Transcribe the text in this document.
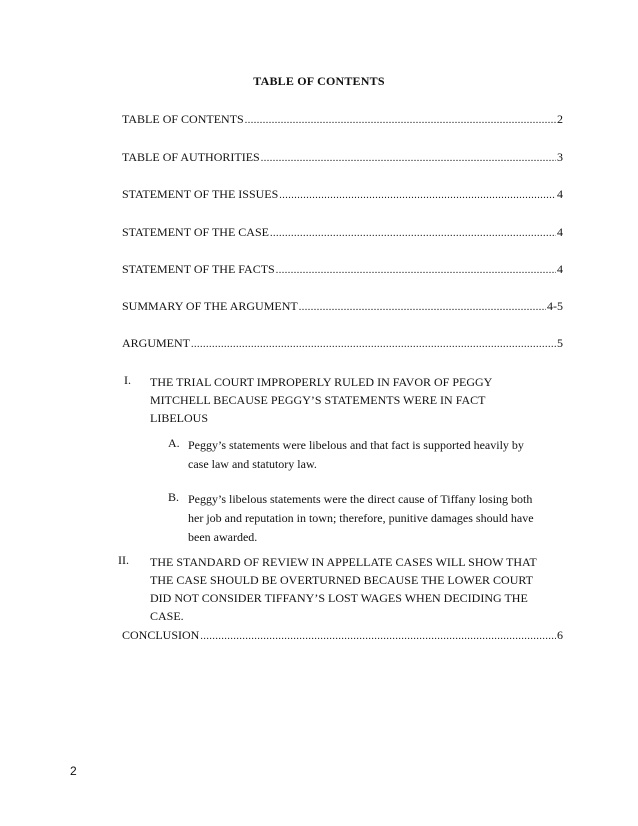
TABLE OF CONTENTS
TABLE OF CONTENTS .....	2
TABLE OF AUTHORITIES .....	3
STATEMENT OF THE ISSUES .....	4
STATEMENT OF THE CASE .....	4
STATEMENT OF THE FACTS .....	4
SUMMARY OF THE ARGUMENT .....	4-5
ARGUMENT .....	5
I. THE TRIAL COURT IMPROPERLY RULED IN FAVOR OF PEGGY
MITCHELL BECAUSE PEGGY’S STATEMENTS WERE IN FACT
LIBELOUS
A. Peggy’s statements were libelous and that fact is supported heavily by
case law and statutory law.
B. Peggy’s libelous statements were the direct cause of Tiffany losing both
her job and reputation in town; therefore, punitive damages should have
been awarded.
II. THE STANDARD OF REVIEW IN APPELLATE CASES WILL SHOW THAT
THE CASE SHOULD BE OVERTURNED BECAUSE THE LOWER COURT
DID NOT CONSIDER TIFFANY’S LOST WAGES WHEN DECIDING THE
CASE.
CONCLUSION .....	6
2
